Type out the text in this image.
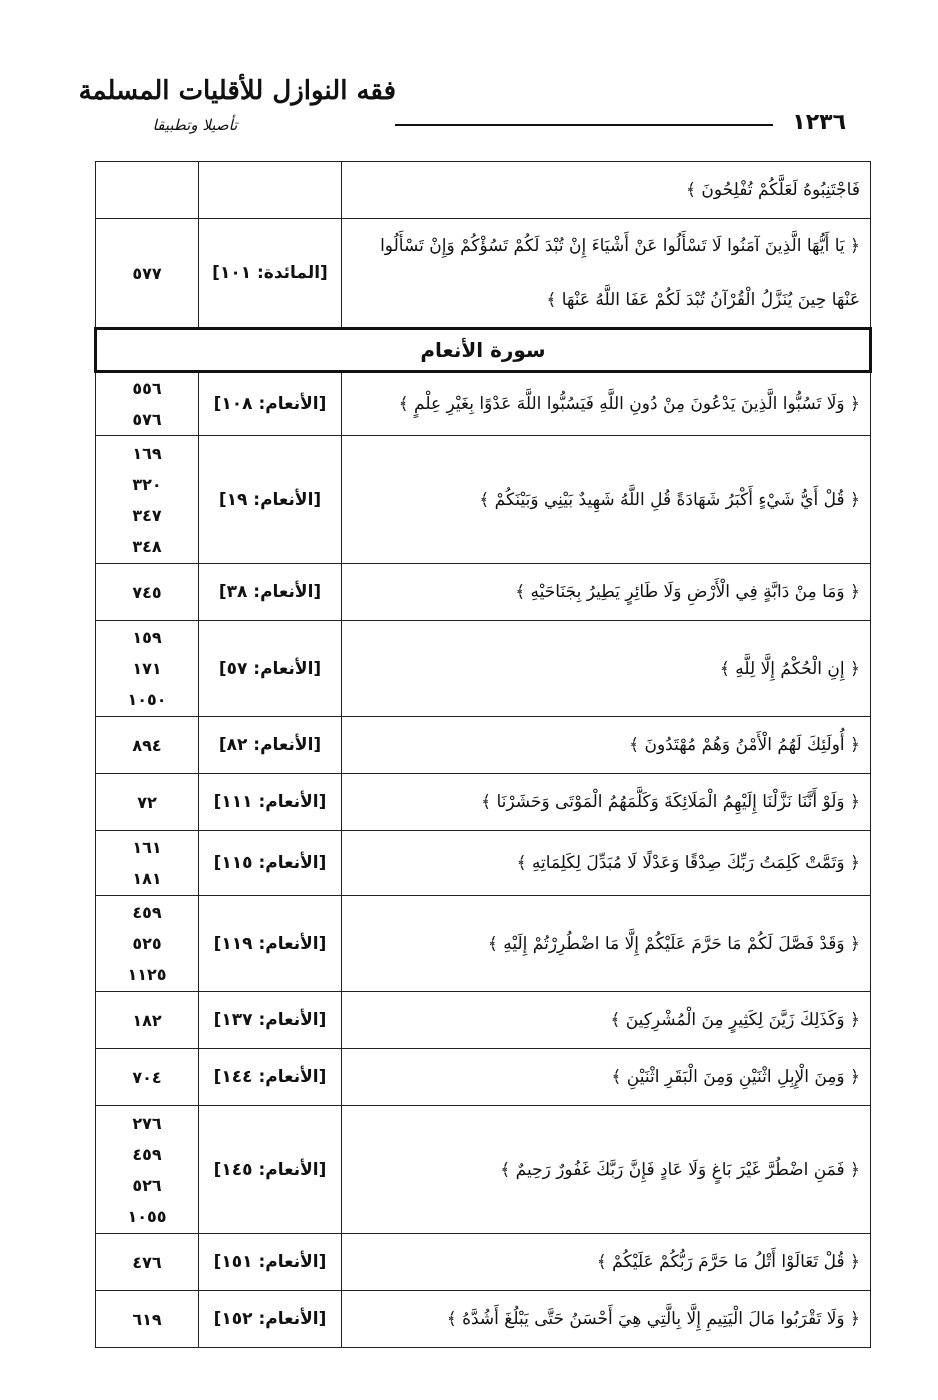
١٢٣٦
فقه النوازل للأقليات المسلمة
تأصيلا وتطبيقا
فَاجْتَنِبُوهُ لَعَلَّكُمْ تُفْلِحُونَ ﴾		
﴿ يَا أَيُّهَا الَّذِينَ آمَنُوا لَا تَسْأَلُوا عَنْ أَشْيَاءَ إِنْ تُبْدَ لَكُمْ تَسُؤْكُمْ وَإِنْ تَسْأَلُوا عَنْهَا حِينَ يُنَزَّلُ الْقُرْآنُ تُبْدَ لَكُمْ عَفَا اللَّهُ عَنْهَا ﴾	[المائدة: ١٠١]	٥٧٧

سورة الأنعام		
﴿ وَلَا تَسُبُّوا الَّذِينَ يَدْعُونَ مِنْ دُونِ اللَّهِ فَيَسُبُّوا اللَّهَ عَدْوًا بِغَيْرِ عِلْمٍ ﴾	[الأنعام: ١٠٨]	٥٥٦
٥٧٦

﴿ قُلْ أَيُّ شَيْءٍ أَكْبَرُ شَهَادَةً قُلِ اللَّهُ شَهِيدٌ بَيْنِي وَبَيْنَكُمْ ﴾	[الأنعام: ١٩]	١٦٩
٣٢٠
٣٤٧
٣٤٨

﴿ وَمَا مِنْ دَابَّةٍ فِي الْأَرْضِ وَلَا طَائِرٍ يَطِيرُ بِجَنَاحَيْهِ ﴾	[الأنعام: ٣٨]	٧٤٥

﴿ إِنِ الْحُكْمُ إِلَّا لِلَّهِ ﴾	[الأنعام: ٥٧]	١٥٩
١٧١
١٠٥٠

﴿ أُولَئِكَ لَهُمُ الْأَمْنُ وَهُمْ مُهْتَدُونَ ﴾	[الأنعام: ٨٢]	٨٩٤

﴿ وَلَوْ أَنَّنَا نَزَّلْنَا إِلَيْهِمُ الْمَلَائِكَةَ وَكَلَّمَهُمُ الْمَوْتَى وَحَشَرْنَا ﴾	[الأنعام: ١١١]	٧٢

﴿ وَتَمَّتْ كَلِمَتُ رَبِّكَ صِدْقًا وَعَدْلًا لَا مُبَدِّلَ لِكَلِمَاتِهِ ﴾	[الأنعام: ١١٥]	١٦١
١٨١

﴿ وَقَدْ فَصَّلَ لَكُمْ مَا حَرَّمَ عَلَيْكُمْ إِلَّا مَا اضْطُرِرْتُمْ إِلَيْهِ ﴾	[الأنعام: ١١٩]	٤٥٩
٥٢٥
١١٢٥

﴿ وَكَذَلِكَ زَيَّنَ لِكَثِيرٍ مِنَ الْمُشْرِكِينَ ﴾	[الأنعام: ١٣٧]	١٨٢

﴿ وَمِنَ الْإِبِلِ اثْنَيْنِ وَمِنَ الْبَقَرِ اثْنَيْنِ ﴾	[الأنعام: ١٤٤]	٧٠٤

﴿ فَمَنِ اضْطُرَّ غَيْرَ بَاغٍ وَلَا عَادٍ فَإِنَّ رَبَّكَ غَفُورٌ رَحِيمٌ ﴾	[الأنعام: ١٤٥]	٢٧٦
٤٥٩
٥٢٦
١٠٥٥

﴿ قُلْ تَعَالَوْا أَتْلُ مَا حَرَّمَ رَبُّكُمْ عَلَيْكُمْ ﴾	[الأنعام: ١٥١]	٤٧٦

﴿ وَلَا تَقْرَبُوا مَالَ الْيَتِيمِ إِلَّا بِالَّتِي هِيَ أَحْسَنُ حَتَّى يَبْلُغَ أَشُدَّهُ ﴾	[الأنعام: ١٥٢]	٦١٩
